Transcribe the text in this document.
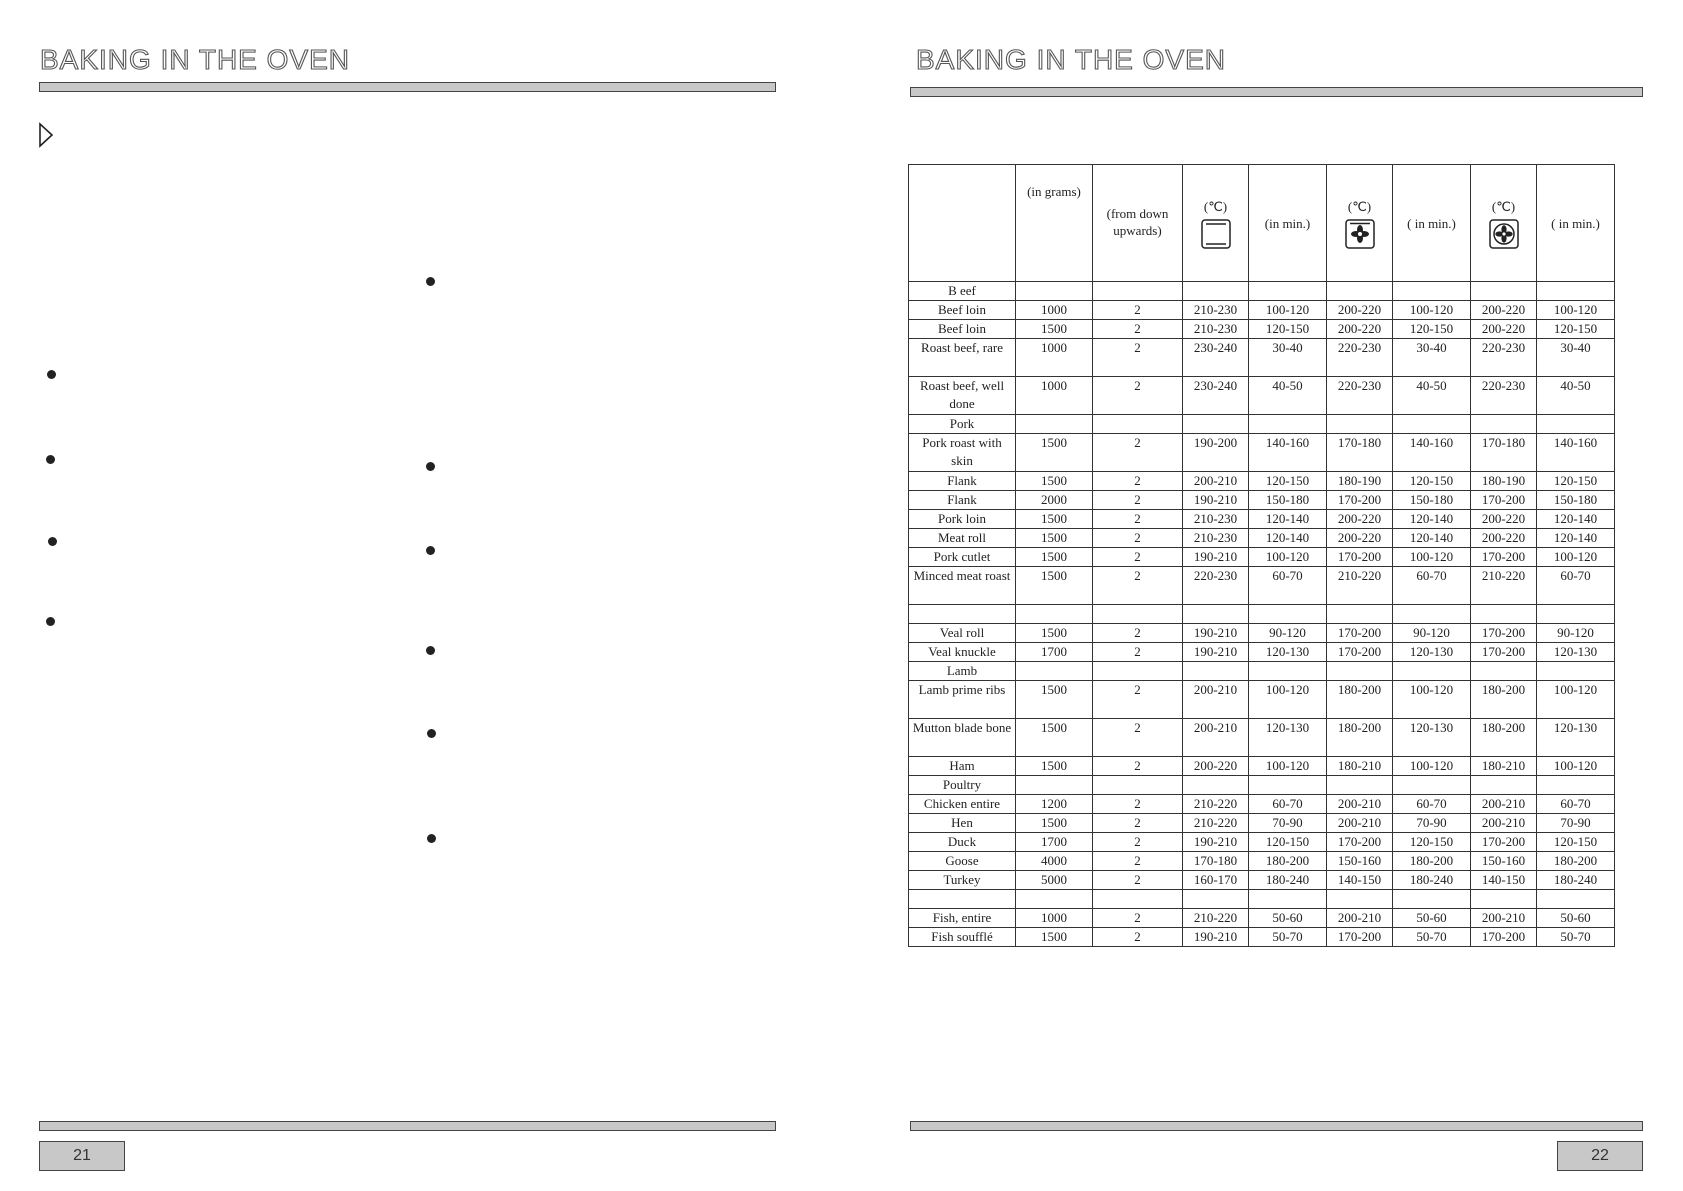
BAKING IN THE OVEN
21
BAKING IN THE OVEN
	(in grams)	(from down upwards)	(℃)	(in min.)	(℃)	( in min.)	(℃)	( in min.)
B eef								
Beef loin	1000	2	210-230	100-120	200-220	100-120	200-220	100-120
Beef loin	1500	2	210-230	120-150	200-220	120-150	200-220	120-150
Roast beef, rare	1000	2	230-240	30-40	220-230	30-40	220-230	30-40
Roast beef, well done	1000	2	230-240	40-50	220-230	40-50	220-230	40-50
Pork								
Pork roast with skin	1500	2	190-200	140-160	170-180	140-160	170-180	140-160
Flank	1500	2	200-210	120-150	180-190	120-150	180-190	120-150
Flank	2000	2	190-210	150-180	170-200	150-180	170-200	150-180
Pork loin	1500	2	210-230	120-140	200-220	120-140	200-220	120-140
Meat roll	1500	2	210-230	120-140	200-220	120-140	200-220	120-140
Pork cutlet	1500	2	190-210	100-120	170-200	100-120	170-200	100-120
Minced meat roast	1500	2	220-230	60-70	210-220	60-70	210-220	60-70

Veal roll	1500	2	190-210	90-120	170-200	90-120	170-200	90-120
Veal knuckle	1700	2	190-210	120-130	170-200	120-130	170-200	120-130
Lamb								
Lamb prime ribs	1500	2	200-210	100-120	180-200	100-120	180-200	100-120
Mutton blade bone	1500	2	200-210	120-130	180-200	120-130	180-200	120-130
Ham	1500	2	200-220	100-120	180-210	100-120	180-210	100-120
Poultry								
Chicken entire	1200	2	210-220	60-70	200-210	60-70	200-210	60-70
Hen	1500	2	210-220	70-90	200-210	70-90	200-210	70-90
Duck	1700	2	190-210	120-150	170-200	120-150	170-200	120-150
Goose	4000	2	170-180	180-200	150-160	180-200	150-160	180-200
Turkey	5000	2	160-170	180-240	140-150	180-240	140-150	180-240

Fish, entire	1000	2	210-220	50-60	200-210	50-60	200-210	50-60
Fish soufflé	1500	2	190-210	50-70	170-200	50-70	170-200	50-70
22
